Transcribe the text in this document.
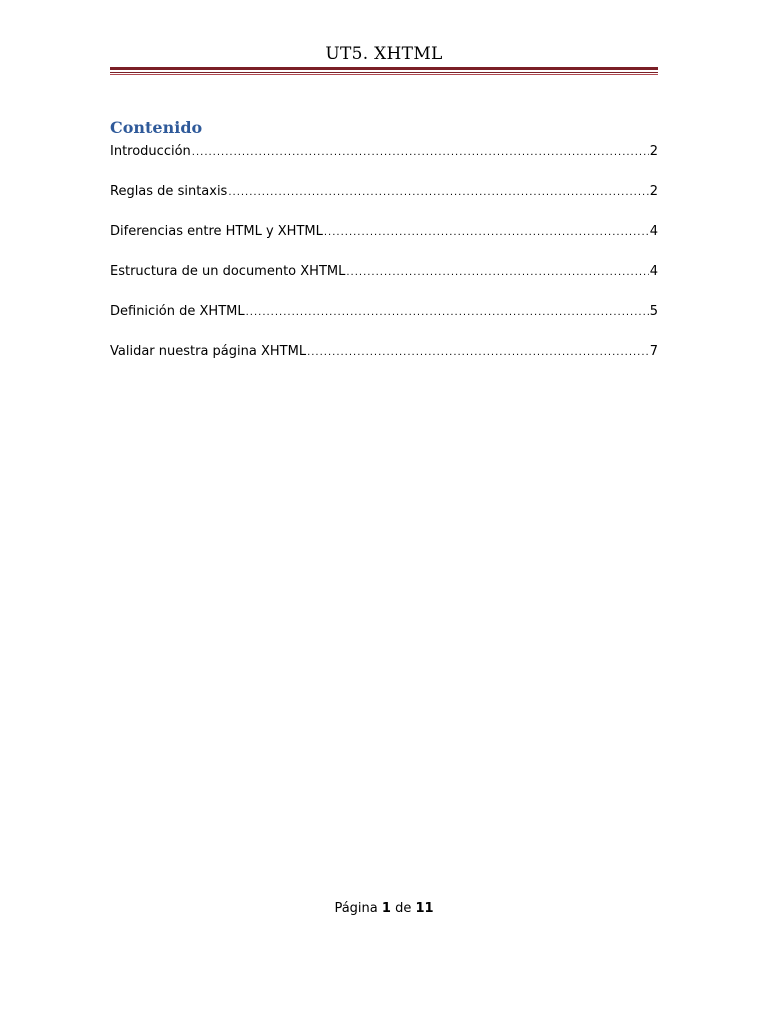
UT5. XHTML
Contenido
Introducción .....	2
Reglas de sintaxis .....	2
Diferencias entre HTML y XHTML .....	4
Estructura de un documento XHTML .....	4
Definición de XHTML .....	5
Validar nuestra página XHTML .....	7
Página 1 de 11
